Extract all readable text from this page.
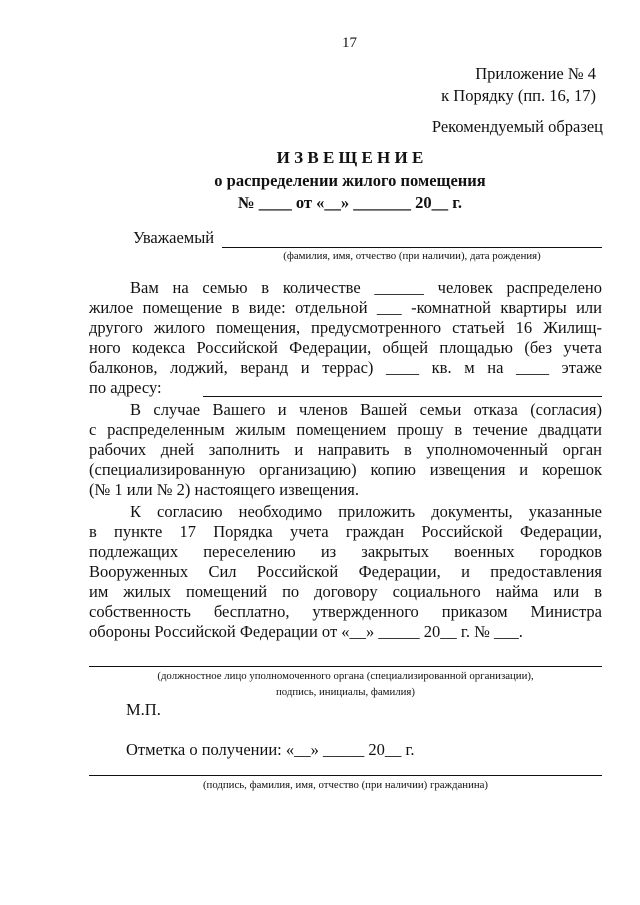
17
Приложение № 4
к Порядку (пп. 16, 17)
Рекомендуемый образец
И З В Е Щ Е Н И Е
о распределении жилого помещения
№ ____ от «__» _______ 20__ г.
Уважаемый
(фамилия, имя, отчество (при наличии), дата рождения)
Вам на семью в количестве ______ человек распределено
жилое помещение в виде: отдельной ___ -комнатной квартиры или
другого жилого помещения, предусмотренного статьей 16 Жилищ-
ного кодекса Российской Федерации, общей площадью (без учета
балконов, лоджий, веранд и террас) ____ кв. м на ____ этаже
по адресу:
В случае Вашего и членов Вашей семьи отказа (согласия)
с распределенным жилым помещением прошу в течение двадцати
рабочих дней заполнить и направить в уполномоченный орган
(специализированную организацию) копию извещения и корешок
(№ 1 или № 2) настоящего извещения.
К согласию необходимо приложить документы, указанные
в пункте 17 Порядка учета граждан Российской Федерации,
подлежащих переселению из закрытых военных городков
Вооруженных Сил Российской Федерации, и предоставления
им жилых помещений по договору социального найма или в
собственность бесплатно, утвержденного приказом Министра
обороны Российской Федерации от «__» _____ 20__ г. № ___.
(должностное лицо уполномоченного органа (специализированной организации),
подпись, инициалы, фамилия)
М.П.
Отметка о получении: «__» _____ 20__ г.
(подпись, фамилия, имя, отчество (при наличии) гражданина)
